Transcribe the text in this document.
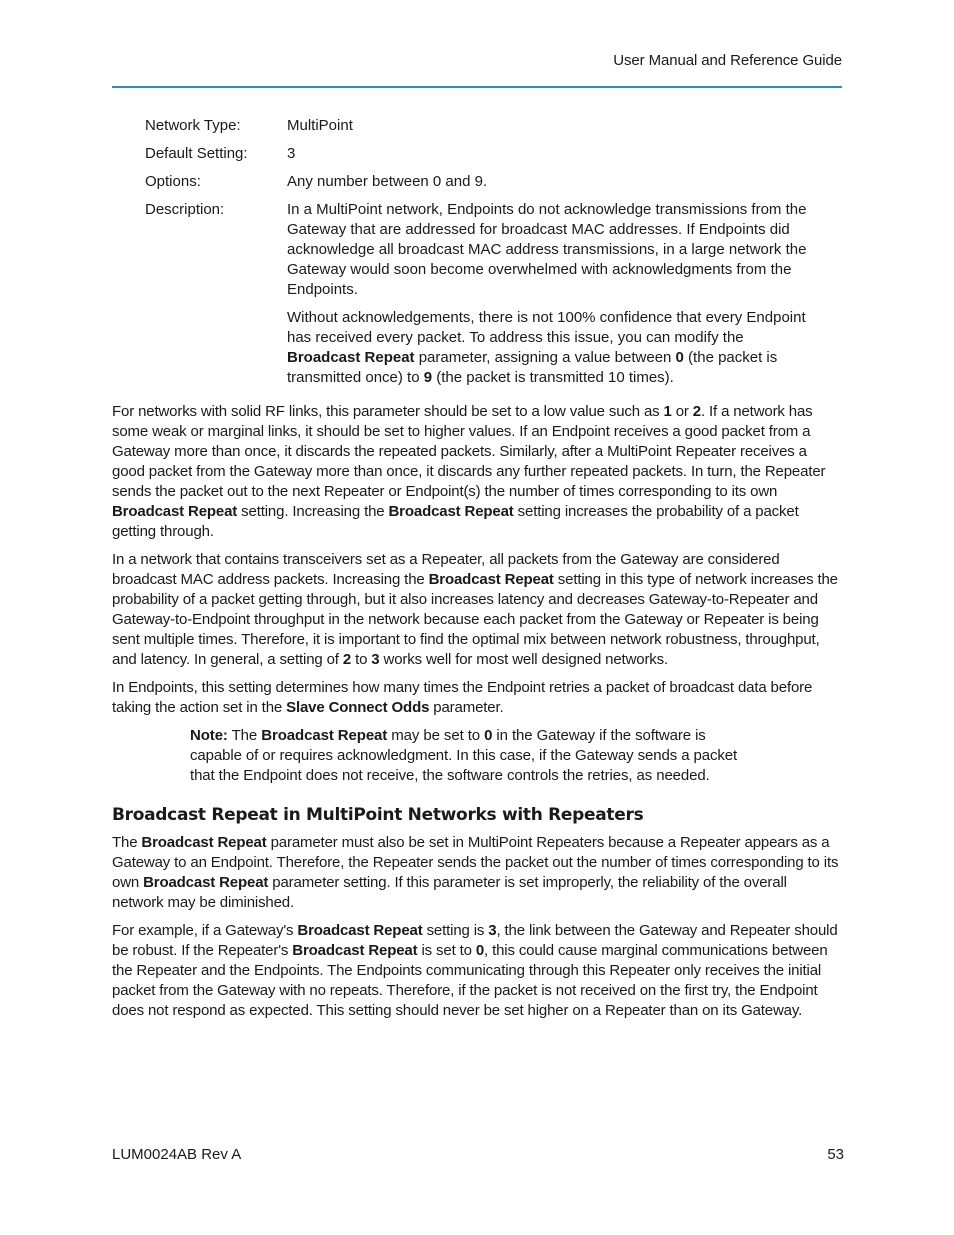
User Manual and Reference Guide
Network Type:	MultiPoint
Default Setting:	3
Options:	Any number between 0 and 9.
Description:	In a MultiPoint network, Endpoints do not acknowledge transmissions from the Gateway that are addressed for broadcast MAC addresses. If Endpoints did acknowledge all broadcast MAC address transmissions, in a large network the Gateway would soon become overwhelmed with acknowledgments from the Endpoints.

Without acknowledgements, there is not 100% confidence that every Endpoint has received every packet. To address this issue, you can modify the Broadcast Repeat parameter, assigning a value between 0 (the packet is transmitted once) to 9 (the packet is transmitted 10 times).

For networks with solid RF links, this parameter should be set to a low value such as 1 or 2. If a network has some weak or marginal links, it should be set to higher values. If an Endpoint receives a good packet from a Gateway more than once, it discards the repeated packets. Similarly, after a MultiPoint Repeater receives a good packet from the Gateway more than once, it discards any further repeated packets. In turn, the Repeater sends the packet out to the next Repeater or Endpoint(s) the number of times corresponding to its own Broadcast Repeat setting. Increasing the Broadcast Repeat setting increases the probability of a packet getting through.

In a network that contains transceivers set as a Repeater, all packets from the Gateway are considered broadcast MAC address packets. Increasing the Broadcast Repeat setting in this type of network increases the probability of a packet getting through, but it also increases latency and decreases Gateway-to-Repeater and Gateway-to-Endpoint throughput in the network because each packet from the Gateway or Repeater is being sent multiple times. Therefore, it is important to find the optimal mix between network robustness, throughput, and latency. In general, a setting of 2 to 3 works well for most well designed networks.

In Endpoints, this setting determines how many times the Endpoint retries a packet of broadcast data before taking the action set in the Slave Connect Odds parameter.

Note: The Broadcast Repeat may be set to 0 in the Gateway if the software is capable of or requires acknowledgment. In this case, if the Gateway sends a packet that the Endpoint does not receive, the software controls the retries, as needed.
Broadcast Repeat in MultiPoint Networks with Repeaters

The Broadcast Repeat parameter must also be set in MultiPoint Repeaters because a Repeater appears as a Gateway to an Endpoint. Therefore, the Repeater sends the packet out the number of times corresponding to its own Broadcast Repeat parameter setting. If this parameter is set improperly, the reliability of the overall network may be diminished.

For example, if a Gateway's Broadcast Repeat setting is 3, the link between the Gateway and Repeater should be robust. If the Repeater's Broadcast Repeat is set to 0, this could cause marginal communications between the Repeater and the Endpoints. The Endpoints communicating through this Repeater only receives the initial packet from the Gateway with no repeats. Therefore, if the packet is not received on the first try, the Endpoint does not respond as expected. This setting should never be set higher on a Repeater than on its Gateway.

LUM0024AB Rev A	53
